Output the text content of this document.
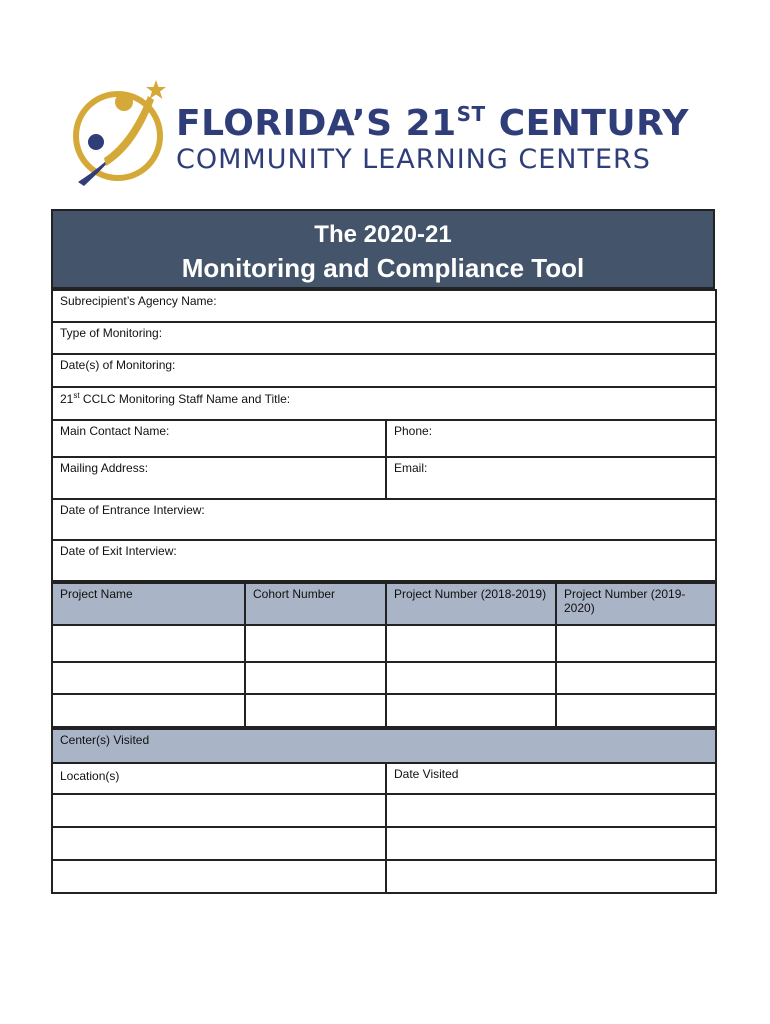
FLORIDA’S 21ST CENTURY
COMMUNITY LEARNING CENTERS
The 2020-21
Monitoring and Compliance Tool
Subrecipient’s Agency Name:	
Type of Monitoring:	
Date(s) of Monitoring:	
21st CCLC Monitoring Staff Name and Title:	
Main Contact Name:	Phone:
Mailing Address:	Email:
Date of Entrance Interview:	
Date of Exit Interview:	
Project Name	Cohort Number	Project Number (2018-2019)	Project Number (2019-2020)

Center(s) Visited	
Location(s)	Date Visited
